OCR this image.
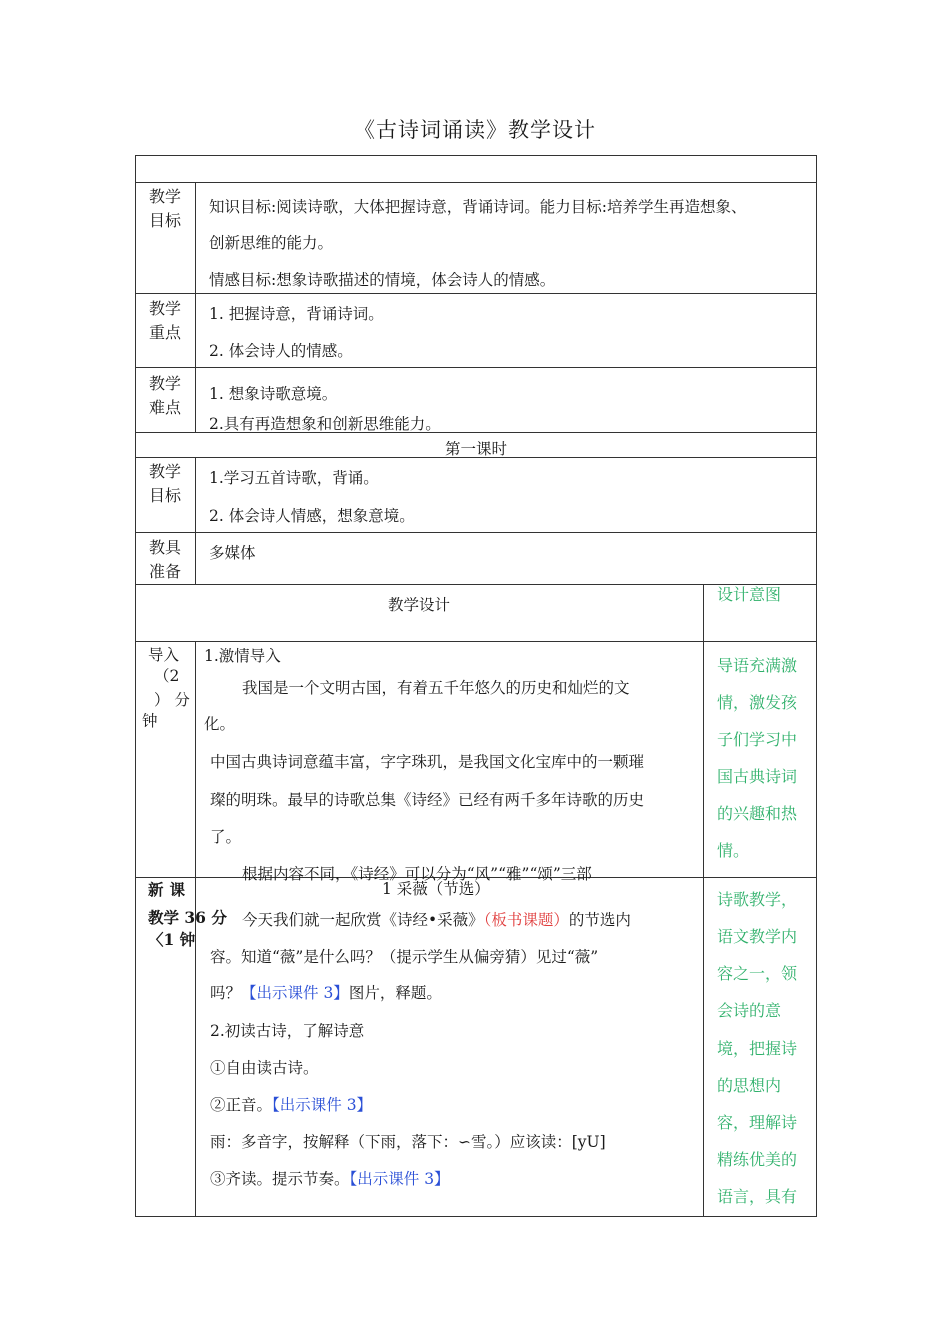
《古诗词诵读》教学设计
教学
目标
知识目标:阅读诗歌，大体把握诗意，背诵诗词。能力目标:培养学生再造想象、
创新思维的能力。
情感目标:想象诗歌描述的情境，体会诗人的情感。
教学
重点
1. 把握诗意，背诵诗词。
2. 体会诗人的情感。
教学
难点
1. 想象诗歌意境。
2.具有再造想象和创新思维能力。
第一课时
教学
目标
1.学习五首诗歌，背诵。
2. 体会诗人情感，想象意境。
教具
准备
多媒体
教学设计
设计意图
导入
（2
） 分
钟
1.激情导入
我国是一个文明古国，有着五千年悠久的历史和灿烂的文
化。
中国古典诗词意蕴丰富，字字珠玑，是我国文化宝库中的一颗璀
璨的明珠。最早的诗歌总集《诗经》已经有两千多年诗歌的历史
了。
根据内容不同，《诗经》可以分为“风”“雅”“颂”三部
导语充满激
情，激发孩
子们学习中
国古典诗词
的兴趣和热
情。
新课
教学 36 分
〈1 钟
1 采薇（节选）
今天我们就一起欣赏《诗经•采薇》（板书课题）的节选内
容。知道“薇”是什么吗？（提示学生从偏旁猜）见过“薇”
吗？【出示课件 3】图片，释题。
2.初读古诗，了解诗意
①自由读古诗。
②正音。【出示课件 3】
雨：多音字，按解释（下雨，落下：∽雪。）应该读：[yU]
③齐读。提示节奏。【出示课件 3】
诗歌教学，
语文教学内
容之一，领
会诗的意
境，把握诗
的思想内
容，理解诗
精练优美的
语言，具有
